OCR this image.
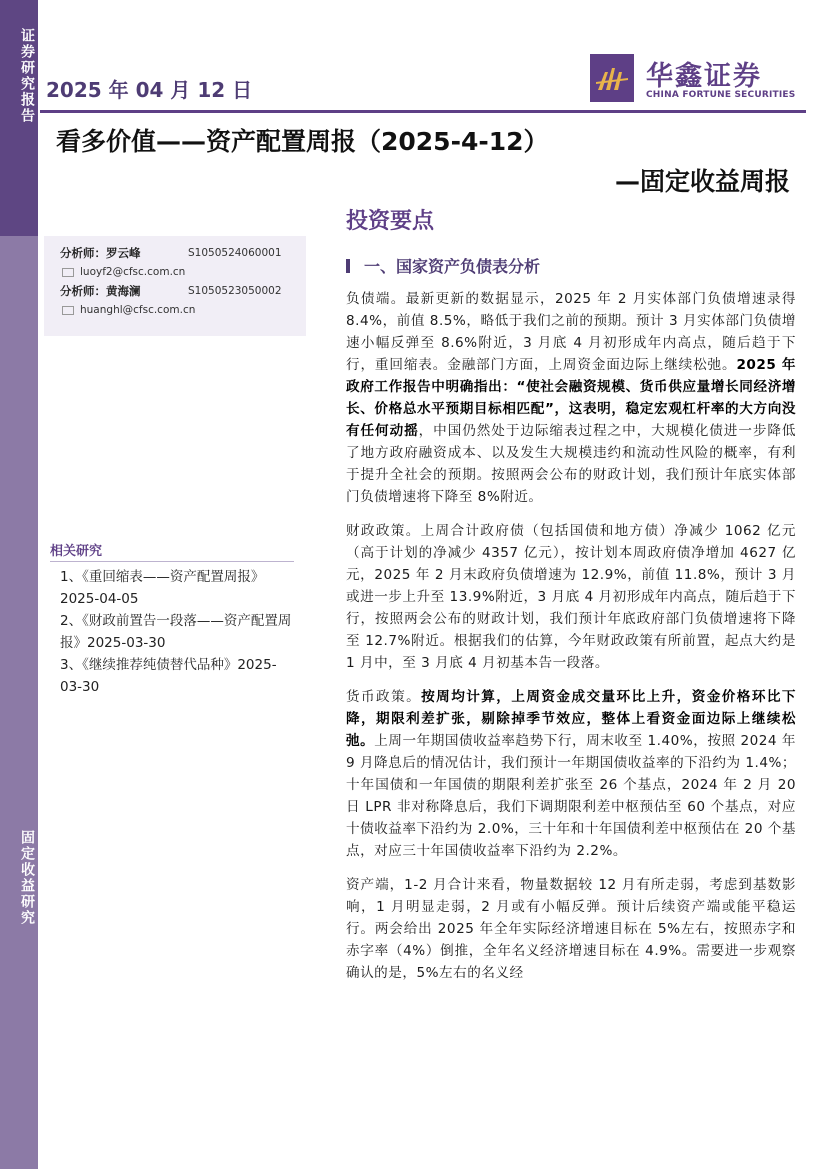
证券研究报告
固定收益研究
2025 年 04 月 12 日	华鑫证券
CHINA FORTUNE SECURITIES
看多价值——资产配置周报（2025-4-12）
—固定收益周报
投资要点
分析师：罗云峰	S1050524060001
luoyf2@cfsc.com.cn
分析师：黄海澜	S1050523050002
huanghl@cfsc.com.cn
相关研究
1、《重回缩表——资产配置周报》2025-04-05
2、《财政前置告一段落——资产配置周报》2025-03-30
3、《继续推荐纯债替代品种》2025-03-30
一、国家资产负债表分析
负债端。最新更新的数据显示，2025 年 2 月实体部门负债增速录得 8.4%，前值 8.5%，略低于我们之前的预期。预计 3 月实体部门负债增速小幅反弹至 8.6%附近，3 月底 4 月初形成年内高点，随后趋于下行，重回缩表。金融部门方面，上周资金面边际上继续松弛。2025 年政府工作报告中明确指出：“使社会融资规模、货币供应量增长同经济增长、价格总水平预期目标相匹配”，这表明，稳定宏观杠杆率的大方向没有任何动摇，中国仍然处于边际缩表过程之中，大规模化债进一步降低了地方政府融资成本、以及发生大规模违约和流动性风险的概率，有利于提升全社会的预期。按照两会公布的财政计划，我们预计年底实体部门负债增速将下降至 8%附近。
财政政策。上周合计政府债（包括国债和地方债）净减少 1062 亿元（高于计划的净减少 4357 亿元），按计划本周政府债净增加 4627 亿元，2025 年 2 月末政府负债增速为 12.9%，前值 11.8%，预计 3 月或进一步上升至 13.9%附近，3 月底 4 月初形成年内高点，随后趋于下行，按照两会公布的财政计划，我们预计年底政府部门负债增速将下降至 12.7%附近。根据我们的估算，今年财政政策有所前置，起点大约是 1 月中，至 3 月底 4 月初基本告一段落。
货币政策。按周均计算，上周资金成交量环比上升，资金价格环比下降，期限利差扩张，剔除掉季节效应，整体上看资金面边际上继续松弛。上周一年期国债收益率趋势下行，周末收至 1.40%，按照 2024 年 9 月降息后的情况估计，我们预计一年期国债收益率的下沿约为 1.4%；十年国债和一年国债的期限利差扩张至 26 个基点，2024 年 2 月 20 日 LPR 非对称降息后，我们下调期限利差中枢预估至 60 个基点，对应十债收益率下沿约为 2.0%，三十年和十年国债利差中枢预估在 20 个基点，对应三十年国债收益率下沿约为 2.2%。
资产端，1-2 月合计来看，物量数据较 12 月有所走弱，考虑到基数影响，1 月明显走弱，2 月或有小幅反弹。预计后续资产端或能平稳运行。两会给出 2025 年全年实际经济增速目标在 5%左右，按照赤字和赤字率（4%）倒推，全年名义经济增速目标在 4.9%。需要进一步观察确认的是，5%左右的名义经
